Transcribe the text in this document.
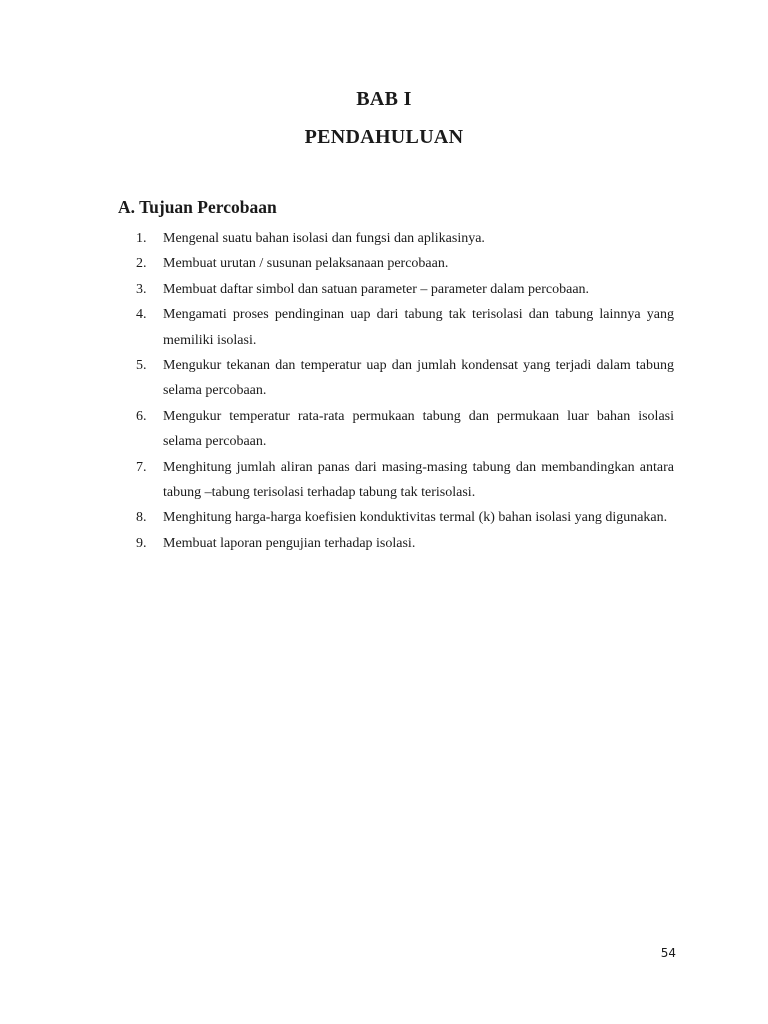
BAB I
PENDAHULUAN
A. Tujuan Percobaan
1. Mengenal suatu bahan isolasi dan fungsi dan aplikasinya.
2. Membuat urutan / susunan pelaksanaan percobaan.
3. Membuat daftar simbol dan satuan parameter – parameter dalam percobaan.
4. Mengamati proses pendinginan uap dari tabung tak terisolasi dan tabung lainnya yang memiliki isolasi.
5. Mengukur tekanan dan temperatur uap dan jumlah kondensat yang terjadi dalam tabung selama percobaan.
6. Mengukur temperatur rata-rata permukaan tabung dan permukaan luar bahan isolasi selama percobaan.
7. Menghitung jumlah aliran panas dari masing-masing tabung dan membandingkan antara tabung –tabung terisolasi terhadap tabung tak terisolasi.
8. Menghitung harga-harga koefisien konduktivitas termal (k) bahan isolasi yang digunakan.
9. Membuat laporan pengujian terhadap isolasi.
54
